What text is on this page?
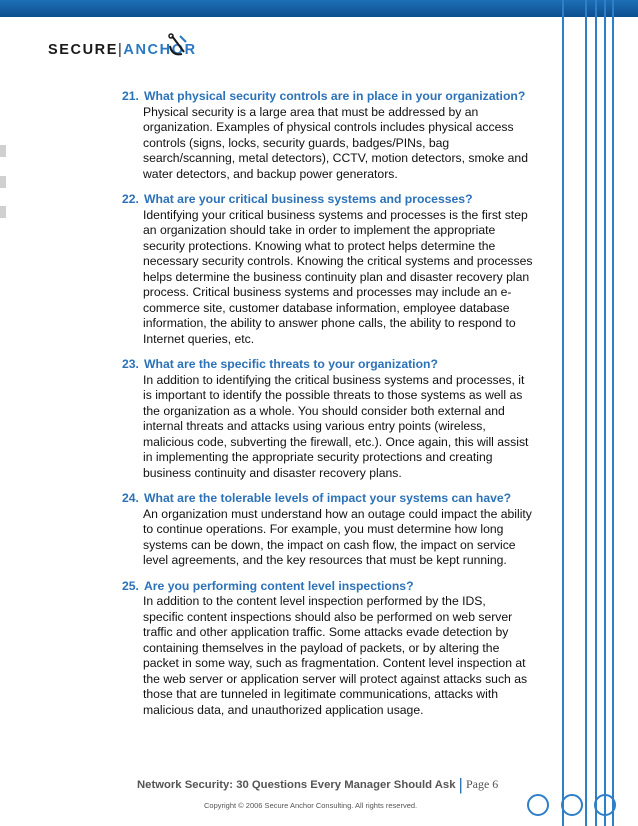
SECURE|ANCHOR
21. What physical security controls are in place in your organization?
Physical security is a large area that must be addressed by an
organization. Examples of physical controls includes physical access
controls (signs, locks, security guards, badges/PINs, bag
search/scanning, metal detectors), CCTV, motion detectors, smoke and
water detectors, and backup power generators.
22. What are your critical business systems and processes?
Identifying your critical business systems and processes is the first step
an organization should take in order to implement the appropriate
security protections. Knowing what to protect helps determine the
necessary security controls. Knowing the critical systems and processes
helps determine the business continuity plan and disaster recovery plan
process. Critical business systems and processes may include an e-
commerce site, customer database information, employee database
information, the ability to answer phone calls, the ability to respond to
Internet queries, etc.
23. What are the specific threats to your organization?
In addition to identifying the critical business systems and processes, it
is important to identify the possible threats to those systems as well as
the organization as a whole. You should consider both external and
internal threats and attacks using various entry points (wireless,
malicious code, subverting the firewall, etc.). Once again, this will assist
in implementing the appropriate security protections and creating
business continuity and disaster recovery plans.
24. What are the tolerable levels of impact your systems can have?
An organization must understand how an outage could impact the ability
to continue operations. For example, you must determine how long
systems can be down, the impact on cash flow, the impact on service
level agreements, and the key resources that must be kept running.
25. Are you performing content level inspections?
In addition to the content level inspection performed by the IDS,
specific content inspections should also be performed on web server
traffic and other application traffic. Some attacks evade detection by
containing themselves in the payload of packets, or by altering the
packet in some way, such as fragmentation. Content level inspection at
the web server or application server will protect against attacks such as
those that are tunneled in legitimate communications, attacks with
malicious data, and unauthorized application usage.
Network Security: 30 Questions Every Manager Should Ask | Page 6
Copyright © 2006 Secure Anchor Consulting. All rights reserved.
